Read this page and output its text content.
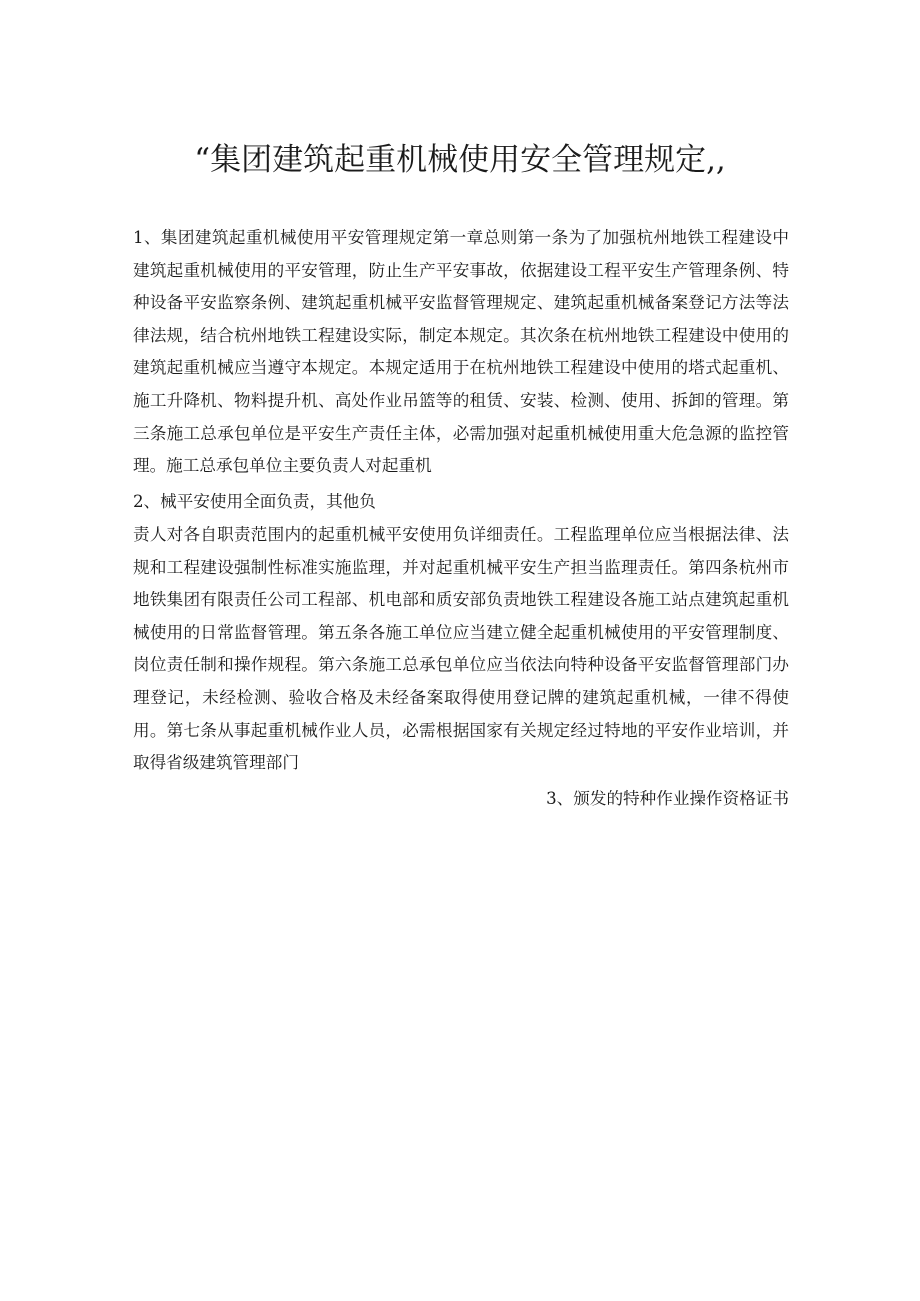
“集团建筑起重机械使用安全管理规定,,

1、集团建筑起重机械使用平安管理规定第一章总则第一条为了加强杭州地铁工程建设中建筑起重机械使用的平安管理，防止生产平安事故，依据建设工程平安生产管理条例、特种设备平安监察条例、建筑起重机械平安监督管理规定、建筑起重机械备案登记方法等法律法规，结合杭州地铁工程建设实际，制定本规定。其次条在杭州地铁工程建设中使用的建筑起重机械应当遵守本规定。本规定适用于在杭州地铁工程建设中使用的塔式起重机、施工升降机、物料提升机、高处作业吊篮等的租赁、安装、检测、使用、拆卸的管理。第三条施工总承包单位是平安生产责任主体，必需加强对起重机械使用重大危急源的监控管理。施工总承包单位主要负责人对起重机

2、械平安使用全面负责，其他负
责人对各自职责范围内的起重机械平安使用负详细责任。工程监理单位应当根据法律、法规和工程建设强制性标准实施监理，并对起重机械平安生产担当监理责任。第四条杭州市地铁集团有限责任公司工程部、机电部和质安部负责地铁工程建设各施工站点建筑起重机械使用的日常监督管理。第五条各施工单位应当建立健全起重机械使用的平安管理制度、岗位责任制和操作规程。第六条施工总承包单位应当依法向特种设备平安监督管理部门办理登记，未经检测、验收合格及未经备案取得使用登记牌的建筑起重机械，一律不得使用。第七条从事起重机械作业人员，必需根据国家有关规定经过特地的平安作业培训，并取得省级建筑管理部门

3、颁发的特种作业操作资格证书
